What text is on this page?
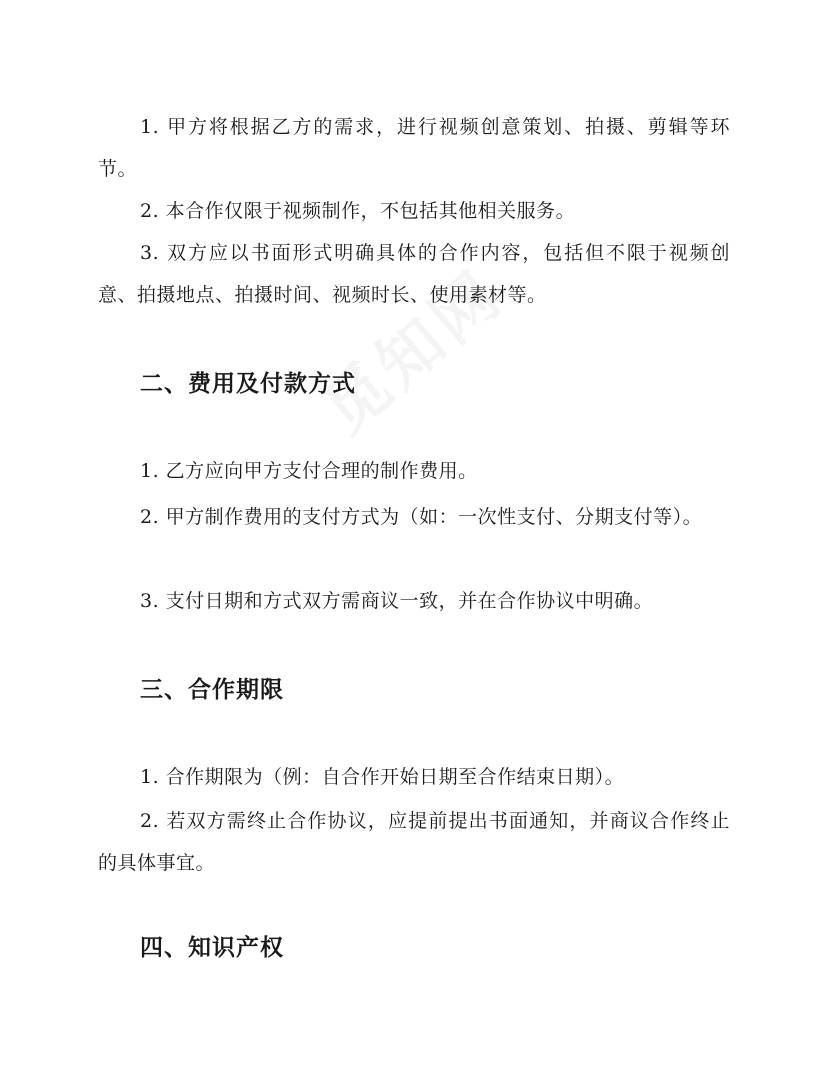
1. 甲方将根据乙方的需求，进行视频创意策划、拍摄、剪辑等环节。

2. 本合作仅限于视频制作，不包括其他相关服务。

3. 双方应以书面形式明确具体的合作内容，包括但不限于视频创意、拍摄地点、拍摄时间、视频时长、使用素材等。

二、费用及付款方式

1. 乙方应向甲方支付合理的制作费用。

2. 甲方制作费用的支付方式为（如：一次性支付、分期支付等）。

3. 支付日期和方式双方需商议一致，并在合作协议中明确。

三、合作期限

1. 合作期限为（例：自合作开始日期至合作结束日期）。

2. 若双方需终止合作协议，应提前提出书面通知，并商议合作终止的具体事宜。

四、知识产权
